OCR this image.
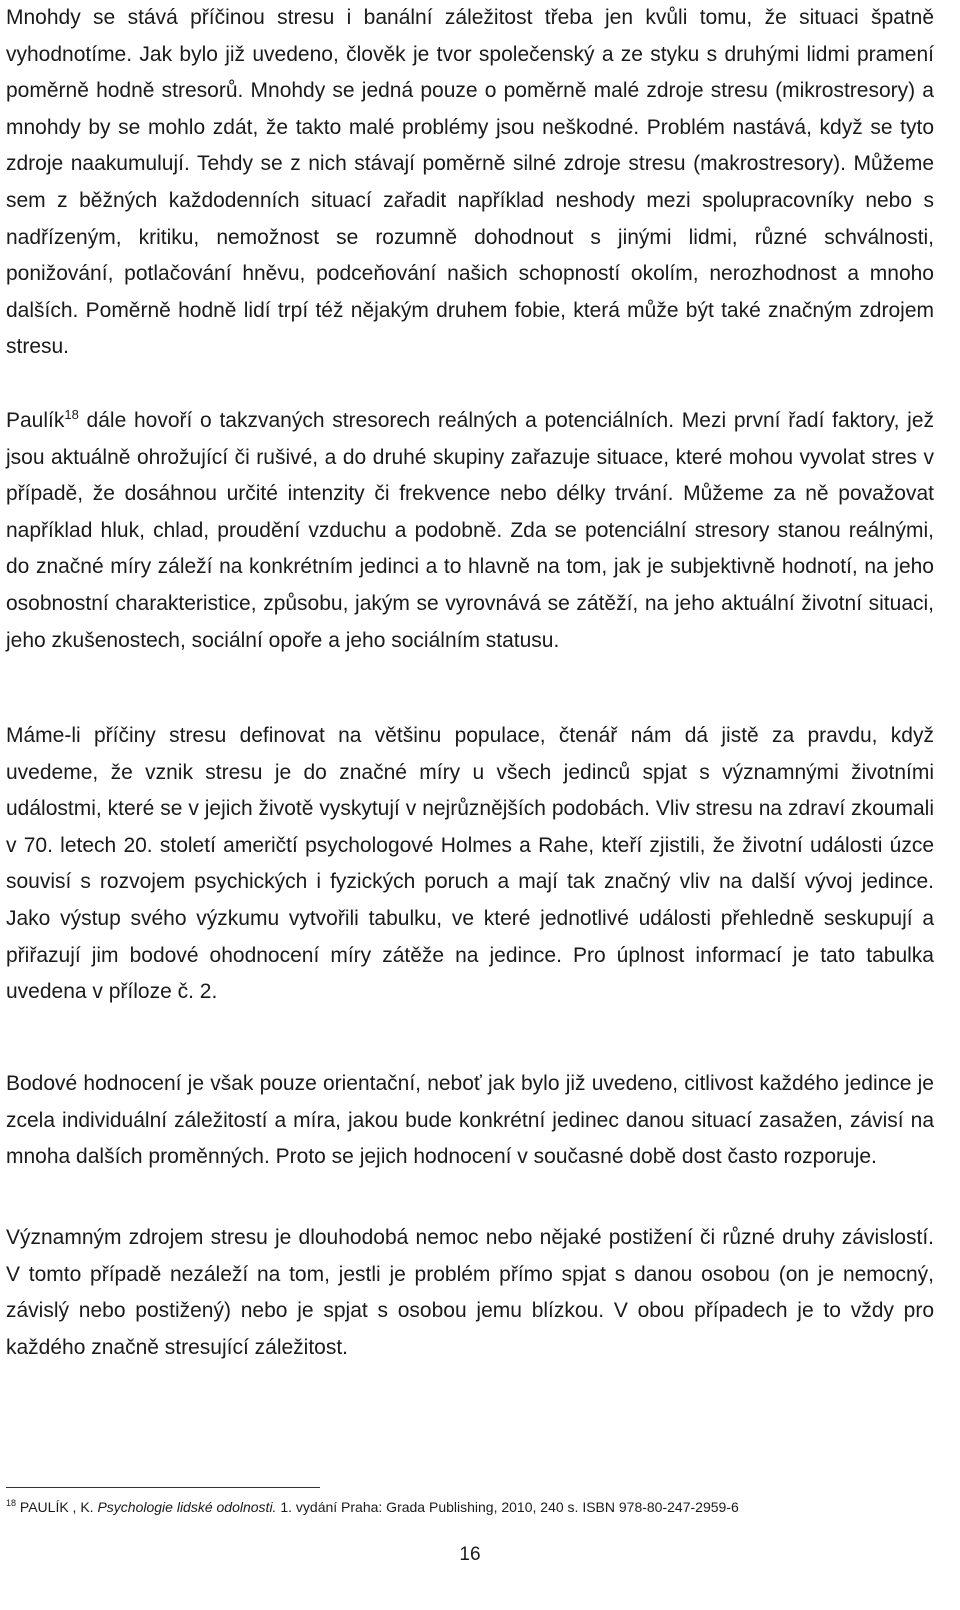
Mnohdy se stává příčinou stresu i banální záležitost třeba jen kvůli tomu, že situaci špatně vyhodnotíme. Jak bylo již uvedeno, člověk je tvor společenský a ze styku s druhými lidmi pramení poměrně hodně stresorů. Mnohdy se jedná pouze o poměrně malé zdroje stresu (mikrostresory) a mnohdy by se mohlo zdát, že takto malé problémy jsou neškodné. Problém nastává, když se tyto zdroje naakumulují. Tehdy se z nich stávají poměrně silné zdroje stresu (makrostresory). Můžeme sem z běžných každodenních situací zařadit například neshody mezi spolupracovníky nebo s nadřízeným, kritiku, nemožnost se rozumně dohodnout s jinými lidmi, různé schválnosti, ponižování, potlačování hněvu, podceňování našich schopností okolím, nerozhodnost a mnoho dalších. Poměrně hodně lidí trpí též nějakým druhem fobie, která může být také značným zdrojem stresu.

Paulík$^{18}$ dále hovoří o takzvaných stresorech reálných a potenciálních. Mezi první řadí faktory, jež jsou aktuálně ohrožující či rušivé, a do druhé skupiny zařazuje situace, které mohou vyvolat stres v případě, že dosáhnou určité intenzity či frekvence nebo délky trvání. Můžeme za ně považovat například hluk, chlad, proudění vzduchu a podobně. Zda se potenciální stresory stanou reálnými, do značné míry záleží na konkrétním jedinci a to hlavně na tom, jak je subjektivně hodnotí, na jeho osobnostní charakteristice, způsobu, jakým se vyrovnává se zátěží, na jeho aktuální životní situaci, jeho zkušenostech, sociální opoře a jeho sociálním statusu.

Máme-li příčiny stresu definovat na většinu populace, čtenář nám dá jistě za pravdu, když uvedeme, že vznik stresu je do značné míry u všech jedinců spjat s významnými životními událostmi, které se v jejich životě vyskytují v nejrůznějších podobách. Vliv stresu na zdraví zkoumali v 70. letech 20. století američtí psychologové Holmes a Rahe, kteří zjistili, že životní události úzce souvisí s rozvojem psychických i fyzických poruch a mají tak značný vliv na další vývoj jedince. Jako výstup svého výzkumu vytvořili tabulku, ve které jednotlivé události přehledně seskupují a přiřazují jim bodové ohodnocení míry zátěže na jedince. Pro úplnost informací je tato tabulka uvedena v příloze č. 2.

Bodové hodnocení je však pouze orientační, neboť jak bylo již uvedeno, citlivost každého jedince je zcela individuální záležitostí a míra, jakou bude konkrétní jedinec danou situací zasažen, závisí na mnoha dalších proměnných. Proto se jejich hodnocení v současné době dost často rozporuje.

Významným zdrojem stresu je dlouhodobá nemoc nebo nějaké postižení či různé druhy závislostí. V tomto případě nezáleží na tom, jestli je problém přímo spjat s danou osobou (on je nemocný, závislý nebo postižený) nebo je spjat s osobou jemu blízkou. V obou případech je to vždy pro každého značně stresující záležitost.

$^{18}$ PAULÍK , K. Psychologie lidské odolnosti. 1. vydání Praha: Grada Publishing, 2010, 240 s. ISBN 978-80-247-2959-6
16
